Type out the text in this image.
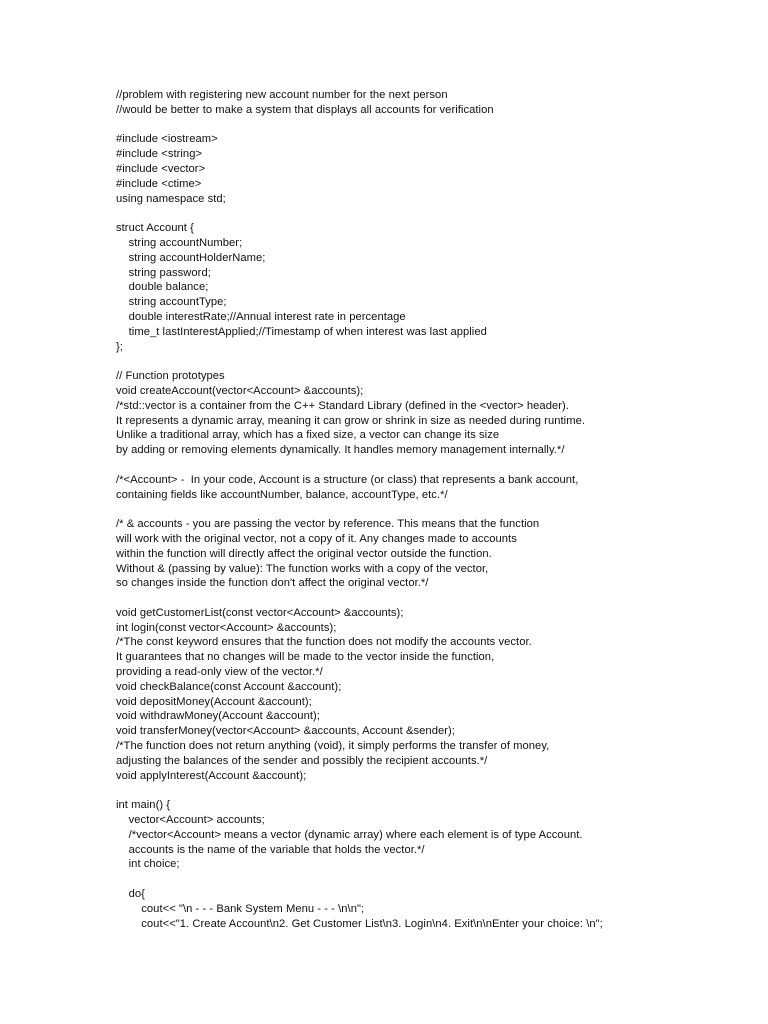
//problem with registering new account number for the next person
//would be better to make a system that displays all accounts for verification
#include <iostream>
#include <string>
#include <vector>
#include <ctime>
using namespace std;
struct Account {
string accountNumber;
string accountHolderName;
string password;
double balance;
string accountType;
double interestRate;//Annual interest rate in percentage
time_t lastInterestApplied;//Timestamp of when interest was last applied
};
// Function prototypes
void createAccount(vector<Account> &accounts);
/*std::vector is a container from the C++ Standard Library (defined in the <vector> header).
It represents a dynamic array, meaning it can grow or shrink in size as needed during runtime.
Unlike a traditional array, which has a fixed size, a vector can change its size
by adding or removing elements dynamically. It handles memory management internally.*/
/*<Account> -  In your code, Account is a structure (or class) that represents a bank account,
containing fields like accountNumber, balance, accountType, etc.*/
/* & accounts - you are passing the vector by reference. This means that the function
will work with the original vector, not a copy of it. Any changes made to accounts
within the function will directly affect the original vector outside the function.
Without & (passing by value): The function works with a copy of the vector,
so changes inside the function don't affect the original vector.*/
void getCustomerList(const vector<Account> &accounts);
int login(const vector<Account> &accounts);
/*The const keyword ensures that the function does not modify the accounts vector.
It guarantees that no changes will be made to the vector inside the function,
providing a read-only view of the vector.*/
void checkBalance(const Account &account);
void depositMoney(Account &account);
void withdrawMoney(Account &account);
void transferMoney(vector<Account> &accounts, Account &sender);
/*The function does not return anything (void), it simply performs the transfer of money,
adjusting the balances of the sender and possibly the recipient accounts.*/
void applyInterest(Account &account);
int main() {
vector<Account> accounts;
/*vector<Account> means a vector (dynamic array) where each element is of type Account.
accounts is the name of the variable that holds the vector.*/
int choice;
do{
cout<< "\n - - - Bank System Menu - - - \n\n";
cout<<"1. Create Account\n2. Get Customer List\n3. Login\n4. Exit\n\nEnter your choice: \n";
